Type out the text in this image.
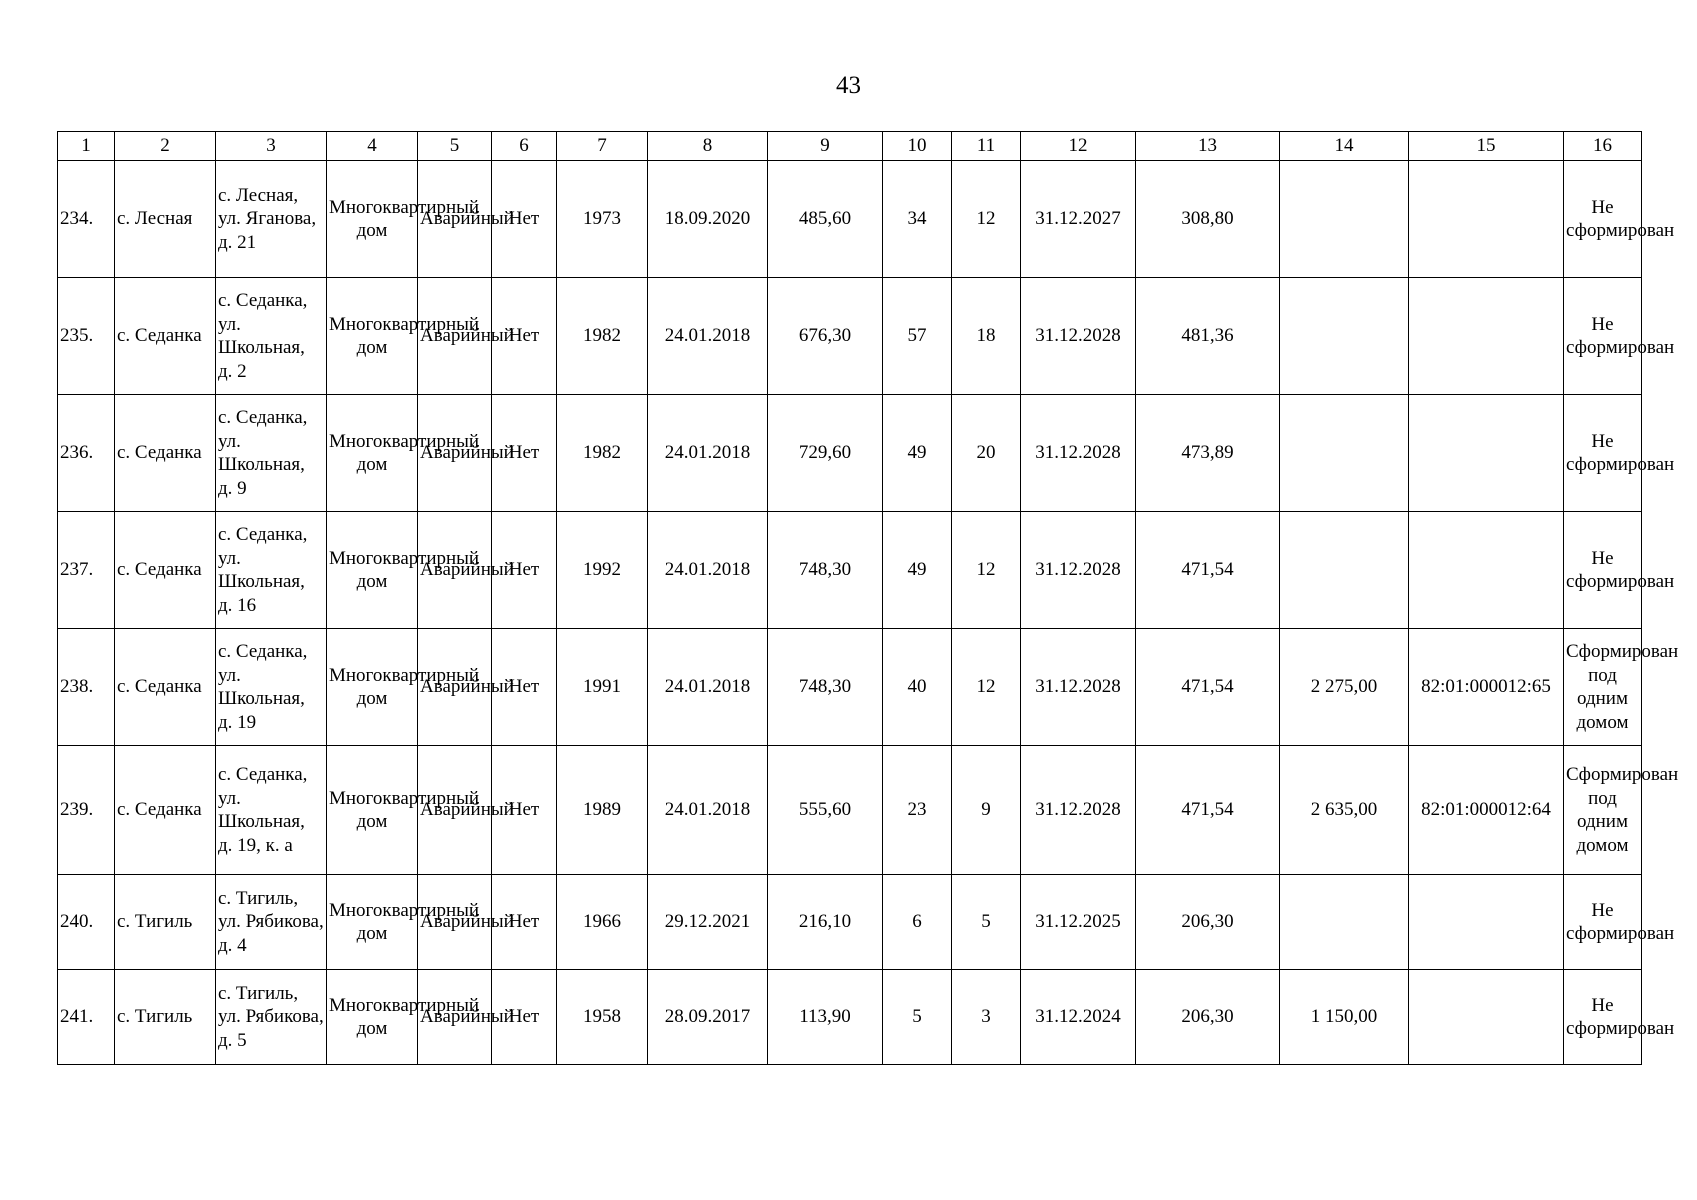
43
1	2	3	4	5	6	7	8	9	10	11	12	13	14	15	16
234.	с. Лесная	с. Лесная, ул. Яганова, д. 21	Многоквартирный дом	Аварийный	Нет	1973	18.09.2020	485,60	34	12	31.12.2027	308,80			Не сформирован
235.	с. Седанка	с. Седанка, ул. Школьная, д. 2	Многоквартирный дом	Аварийный	Нет	1982	24.01.2018	676,30	57	18	31.12.2028	481,36			Не сформирован
236.	с. Седанка	с. Седанка, ул. Школьная, д. 9	Многоквартирный дом	Аварийный	Нет	1982	24.01.2018	729,60	49	20	31.12.2028	473,89			Не сформирован
237.	с. Седанка	с. Седанка, ул. Школьная, д. 16	Многоквартирный дом	Аварийный	Нет	1992	24.01.2018	748,30	49	12	31.12.2028	471,54			Не сформирован
238.	с. Седанка	с. Седанка, ул. Школьная, д. 19	Многоквартирный дом	Аварийный	Нет	1991	24.01.2018	748,30	40	12	31.12.2028	471,54	2 275,00	82:01:000012:65	Сформирован под одним домом
239.	с. Седанка	с. Седанка, ул. Школьная, д. 19, к. а	Многоквартирный дом	Аварийный	Нет	1989	24.01.2018	555,60	23	9	31.12.2028	471,54	2 635,00	82:01:000012:64	Сформирован под одним домом
240.	с. Тигиль	с. Тигиль, ул. Рябикова, д. 4	Многоквартирный дом	Аварийный	Нет	1966	29.12.2021	216,10	6	5	31.12.2025	206,30			Не сформирован
241.	с. Тигиль	с. Тигиль, ул. Рябикова, д. 5	Многоквартирный дом	Аварийный	Нет	1958	28.09.2017	113,90	5	3	31.12.2024	206,30	1 150,00		Не сформирован
